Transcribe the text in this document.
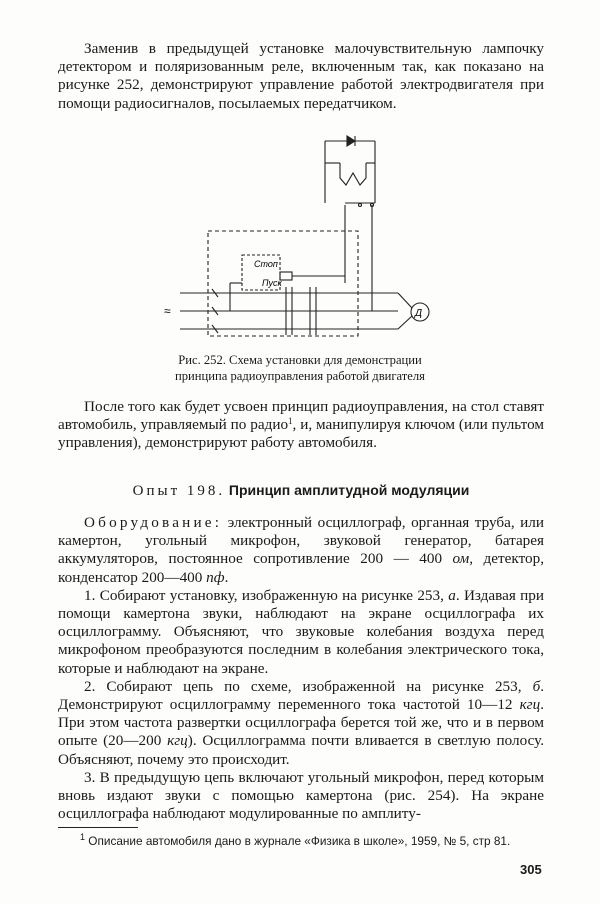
Заменив в предыдущей установке малочувствительную лампочку детектором и поляризованным реле, включенным так, как показано на рисунке 252, демонстрируют управление работой электродвигателя при помощи радиосигналов, посылаемых передатчиком.

Стоп
Пуск
Д
≈
Рис. 252. Схема установки для демонстрации
принципа радиоуправления работой двигателя

После того как будет усвоен принцип радиоуправления, на стол ставят автомобиль, управляемый по радио$^1$, и, манипулируя ключом (или пультом управления), демонстрируют работу автомобиля.

Опыт 198. Принцип амплитудной модуляции

Оборудование: электронный осциллограф, органная труба, или камертон, угольный микрофон, звуковой генератор, батарея аккумуляторов, постоянное сопротивление 200 — 400 ом, детектор, конденсатор 200—400 пф.

1. Собирают установку, изображенную на рисунке 253, а. Издавая при помощи камертона звуки, наблюдают на экране осциллографа их осциллограмму. Объясняют, что звуковые колебания воздуха перед микрофоном преобразуются последним в колебания электрического тока, которые и наблюдают на экране.

2. Собирают цепь по схеме, изображенной на рисунке 253, б. Демонстрируют осциллограмму переменного тока частотой 10—12 кгц. При этом частота развертки осциллографа берется той же, что и в первом опыте (20—200 кгц). Осциллограмма почти вливается в светлую полосу. Объясняют, почему это происходит.

3. В предыдущую цепь включают угольный микрофон, перед которым вновь издают звуки с помощью камертона (рис. 254). На экране осциллографа наблюдают модулированные по амплиту-

$^1$ Описание автомобиля дано в журнале «Физика в школе», 1959, № 5, стр 81.
305
